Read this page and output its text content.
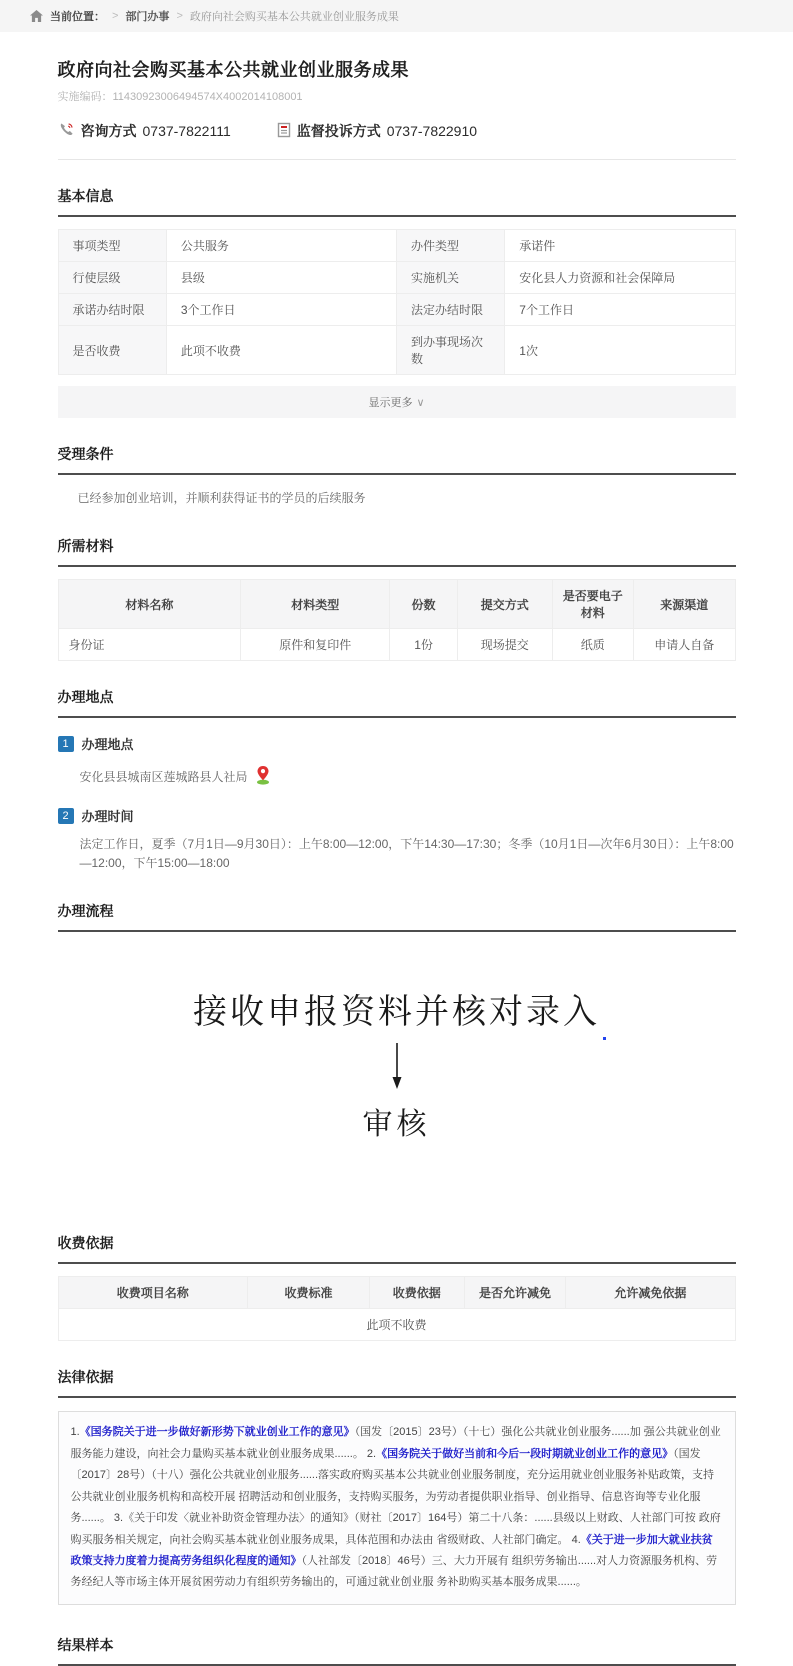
当前位置： > 部门办事 > 政府向社会购买基本公共就业创业服务成果
政府向社会购买基本公共就业创业服务成果
实施编码：11430923006494574X4002014108001
咨询方式 0737-7822111	监督投诉方式 0737-7822910
基本信息
事项类型	公共服务	办件类型	承诺件
行使层级	县级	实施机关	安化县人力资源和社会保障局
承诺办结时限	3个工作日	法定办结时限	7个工作日
是否收费	此项不收费	到办事现场次数	1次
显示更多 ∨
受理条件
已经参加创业培训，并顺利获得证书的学员的后续服务
所需材料
材料名称	材料类型	份数	提交方式	是否要电子材料	来源渠道
身份证	原件和复印件	1份	现场提交	纸质	申请人自备
办理地点
1 办理地点
安化县县城南区莲城路县人社局
2 办理时间
法定工作日，夏季（7月1日—9月30日）：上午8:00—12:00，下午14:30—17:30；冬季（10月1日—次年6月30日）：上午8:00—12:00，下午15:00—18:00
办理流程
接收申报资料并核对录入
审核
收费依据
收费项目名称	收费标准	收费依据	是否允许减免	允许减免依据
此项不收费
法律依据
1.《国务院关于进一步做好新形势下就业创业工作的意见》（国发〔2015〕23号）（十七）强化公共就业创业服务......加 强公共就业创业服务能力建设，向社会力量购买基本就业创业服务成果......。 2.《国务院关于做好当前和今后一段时期就业创业工作的意见》（国发〔2017〕28号）（十八）强化公共就业创业服务......落实政府购买基本公共就业创业服务制度，充分运用就业创业服务补贴政策，支持公共就业创业服务机构和高校开展 招聘活动和创业服务，支持购买服务，为劳动者提供职业指导、创业指导、信息咨询等专业化服务......。 3.《关于印发〈就业补助资金管理办法〉的通知》（财社〔2017〕164号）第二十八条：......县级以上财政、人社部门可按 政府购买服务相关规定，向社会购买基本就业创业服务成果，具体范围和办法由 省级财政、人社部门确定。 4.《关于进一步加大就业扶贫政策支持力度着力提高劳务组织化程度的通知》（人社部发〔2018〕46号）三、大力开展有 组织劳务输出......对人力资源服务机构、劳务经纪人等市场主体开展贫困劳动力有组织劳务输出的，可通过就业创业服 务补助购买基本服务成果......。
结果样本
